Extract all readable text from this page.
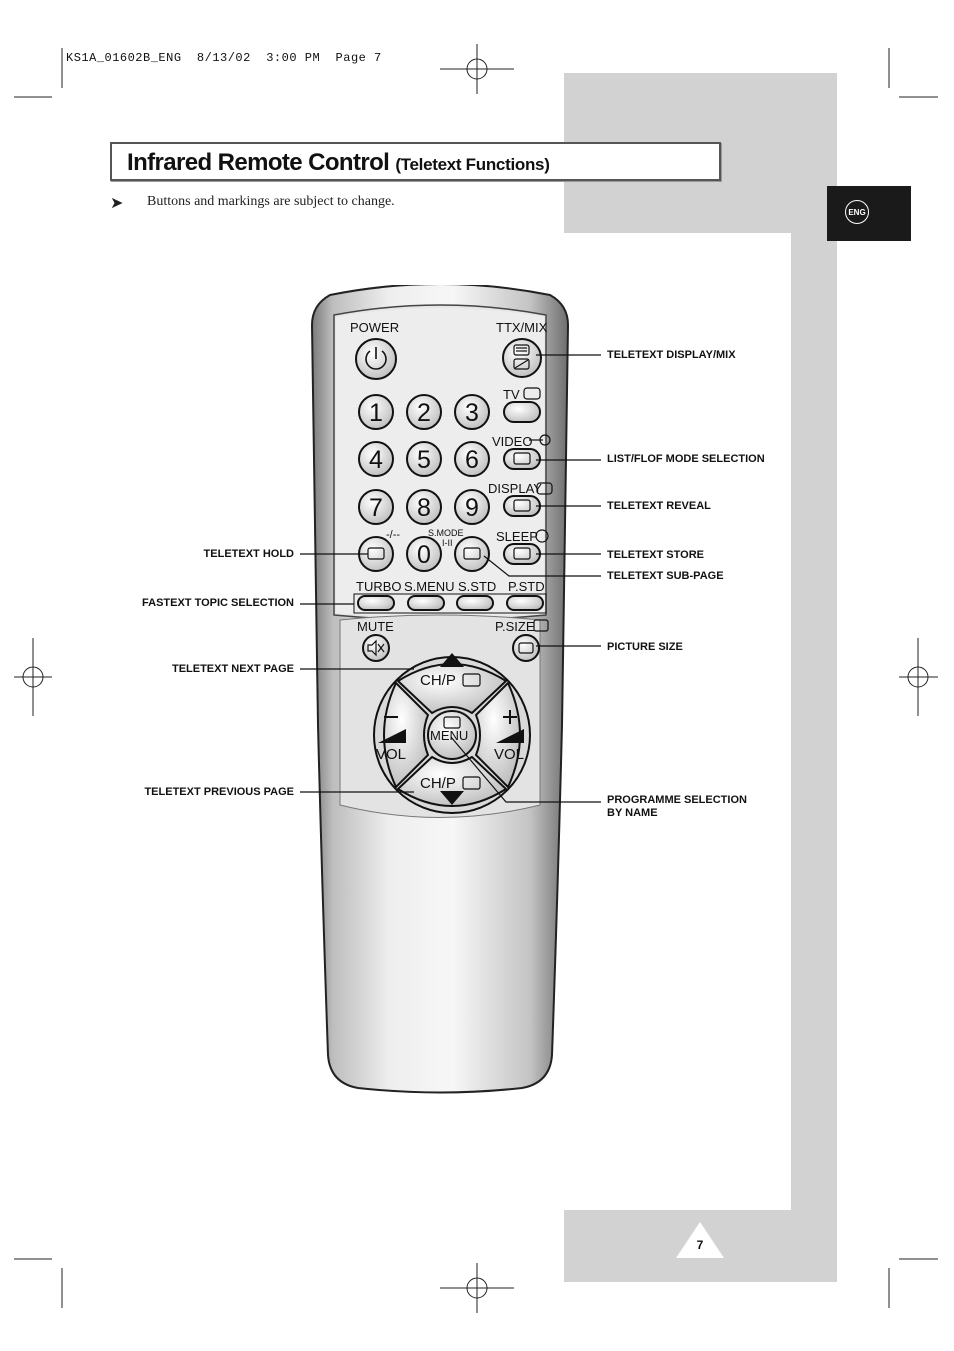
KS1A_01602B_ENG  8/13/02  3:00 PM  Page 7
Infrared Remote Control (Teletext Functions)
➤ Buttons and markings are subject to change.
ENG
POWER	TTX/MIX
TV
VIDEO
DISPLAY
1 2 3
4 5 6
7 8 9
0
-/--	S.MODE
I-II	SLEEP
TURBO S.MENU S.STD P.STD
MUTE	P.SIZE
CH/P
CH/P
VOL	VOL
MENU
TELETEXT DISPLAY/MIX
LIST/FLOF MODE SELECTION
TELETEXT REVEAL
TELETEXT STORE
TELETEXT SUB-PAGE
PICTURE SIZE
PROGRAMME SELECTION
BY NAME
TELETEXT HOLD
FASTEXT TOPIC SELECTION
TELETEXT NEXT PAGE
TELETEXT PREVIOUS PAGE
7
